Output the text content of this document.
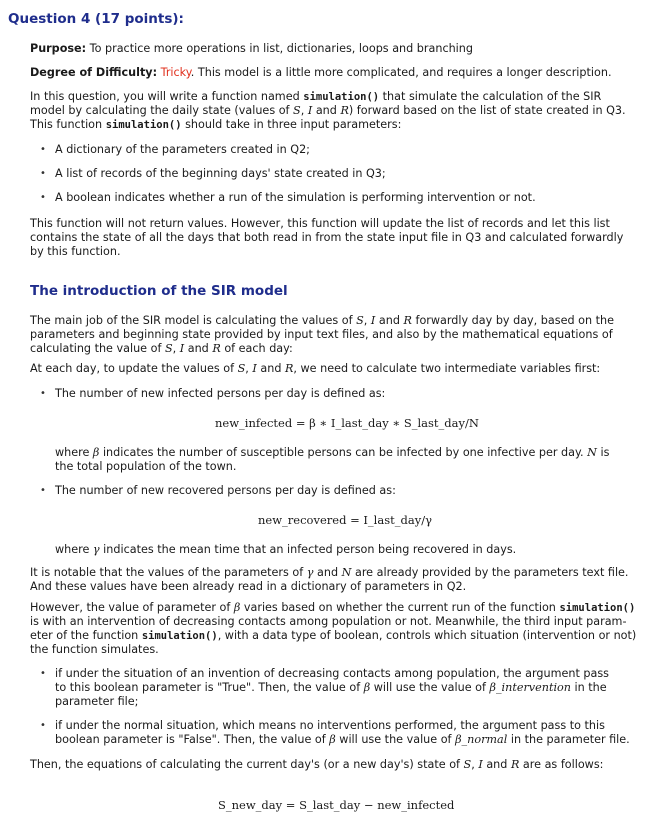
Question 4 (17 points):
Purpose: To practice more operations in list, dictionaries, loops and branching
Degree of Difficulty: Tricky. This model is a little more complicated, and requires a longer description.
In this question, you will write a function named simulation() that simulate the calculation of the SIR
model by calculating the daily state (values of S, I and R) forward based on the list of state created in Q3.
This function simulation() should take in three input parameters:
• A dictionary of the parameters created in Q2;
• A list of records of the beginning days' state created in Q3;
• A boolean indicates whether a run of the simulation is performing intervention or not.
This function will not return values. However, this function will update the list of records and let this list
contains the state of all the days that both read in from the state input file in Q3 and calculated forwardly
by this function.
The introduction of the SIR model
The main job of the SIR model is calculating the values of S, I and R forwardly day by day, based on the
parameters and beginning state provided by input text files, and also by the mathematical equations of
calculating the value of S, I and R of each day:
At each day, to update the values of S, I and R, we need to calculate two intermediate variables first:
• The number of new infected persons per day is defined as:
new_infected = β ∗ I_last_day ∗ S_last_day/N
where β indicates the number of susceptible persons can be infected by one infective per day. N is
the total population of the town.
• The number of new recovered persons per day is defined as:
new_recovered = I_last_day/γ
where γ indicates the mean time that an infected person being recovered in days.
It is notable that the values of the parameters of γ and N are already provided by the parameters text file.
And these values have been already read in a dictionary of parameters in Q2.
However, the value of parameter of β varies based on whether the current run of the function simulation()
is with an intervention of decreasing contacts among population or not. Meanwhile, the third input param-
eter of the function simulation(), with a data type of boolean, controls which situation (intervention or not)
the function simulates.
• if under the situation of an invention of decreasing contacts among population, the argument pass
to this boolean parameter is "True". Then, the value of β will use the value of β_intervention in the
parameter file;
• if under the normal situation, which means no interventions performed, the argument pass to this
boolean parameter is "False". Then, the value of β will use the value of β_normal in the parameter file.
Then, the equations of calculating the current day's (or a new day's) state of S, I and R are as follows:
S_new_day = S_last_day − new_infected
